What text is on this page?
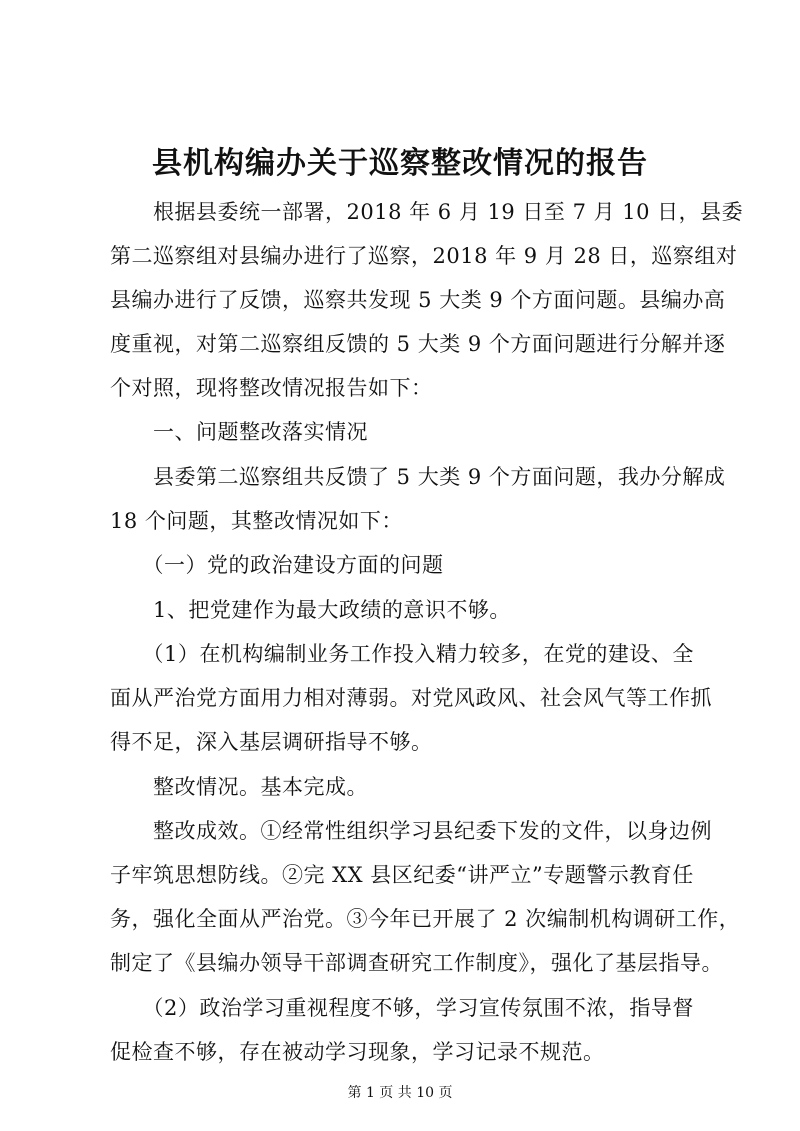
县机构编办关于巡察整改情况的报告
　　根据县委统一部署，2018 年 6 月 19 日至 7 月 10 日，县委
第二巡察组对县编办进行了巡察，2018 年 9 月 28 日，巡察组对
县编办进行了反馈，巡察共发现 5 大类 9 个方面问题。县编办高
度重视，对第二巡察组反馈的 5 大类 9 个方面问题进行分解并逐
个对照，现将整改情况报告如下：
　　一、问题整改落实情况
　　县委第二巡察组共反馈了 5 大类 9 个方面问题，我办分解成
18 个问题，其整改情况如下：
　　（一）党的政治建设方面的问题
　　1、把党建作为最大政绩的意识不够。
　　（1）在机构编制业务工作投入精力较多，在党的建设、全
面从严治党方面用力相对薄弱。对党风政风、社会风气等工作抓
得不足，深入基层调研指导不够。
　　整改情况。基本完成。
　　整改成效。①经常性组织学习县纪委下发的文件，以身边例
子牢筑思想防线。②完 XX 县区纪委“讲严立”专题警示教育任
务，强化全面从严治党。③今年已开展了 2 次编制机构调研工作，
制定了《县编办领导干部调查研究工作制度》，强化了基层指导。
　　（2）政治学习重视程度不够，学习宣传氛围不浓，指导督
促检查不够，存在被动学习现象，学习记录不规范。
第 1 页 共 10 页
